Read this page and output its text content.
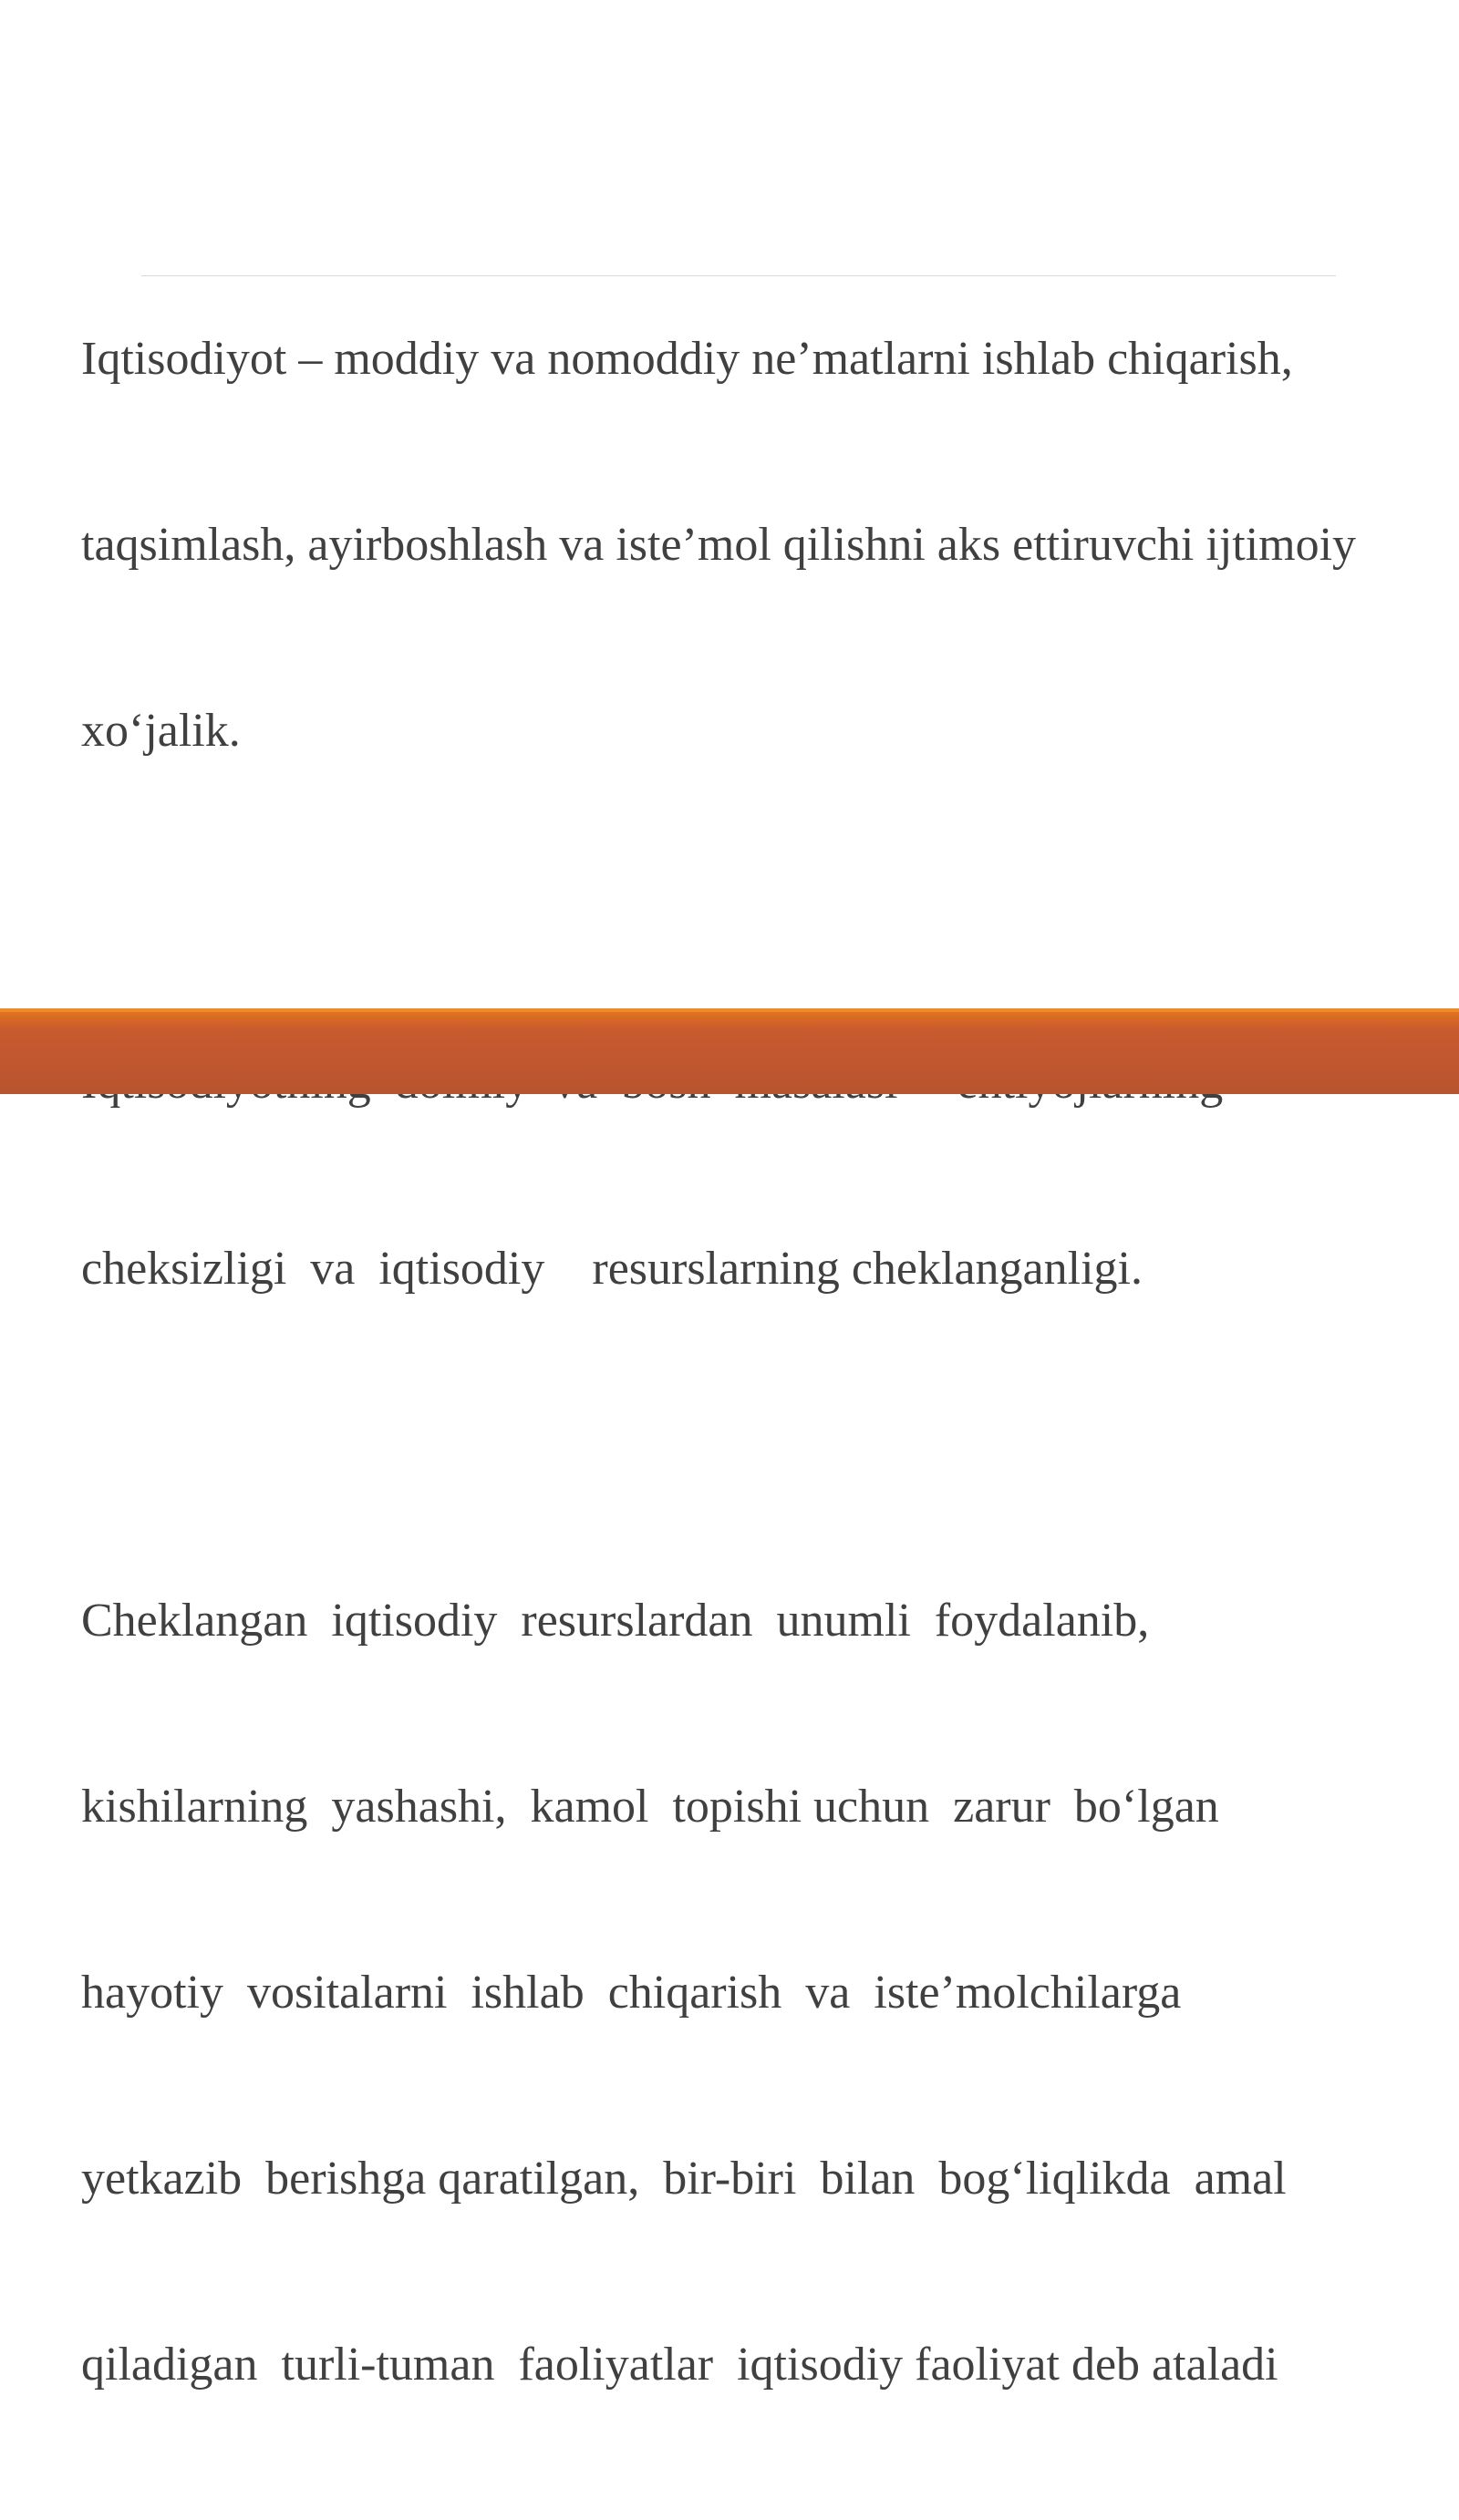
Iqtisodiyot – moddiy va nomoddiy ne’matlarni ishlab chiqarish,

taqsimlash, ayirboshlash va iste’mol qilishni aks ettiruvchi ijtimoiy

xo‘jalik.

cheksizligi  va  iqtisodiy    resurslarning cheklanganligi.

Cheklangan  iqtisodiy  resurslardan  unumli  foydalanib,

kishilarning  yashashi,  kamol  topishi uchun  zarur  bo‘lgan

hayotiy  vositalarni  ishlab  chiqarish  va  iste’molchilarga

yetkazib  berishga qaratilgan,  bir-biri  bilan  bog‘liqlikda  amal

qiladigan  turli-tuman  faoliyatlar  iqtisodiy faoliyat deb ataladi
